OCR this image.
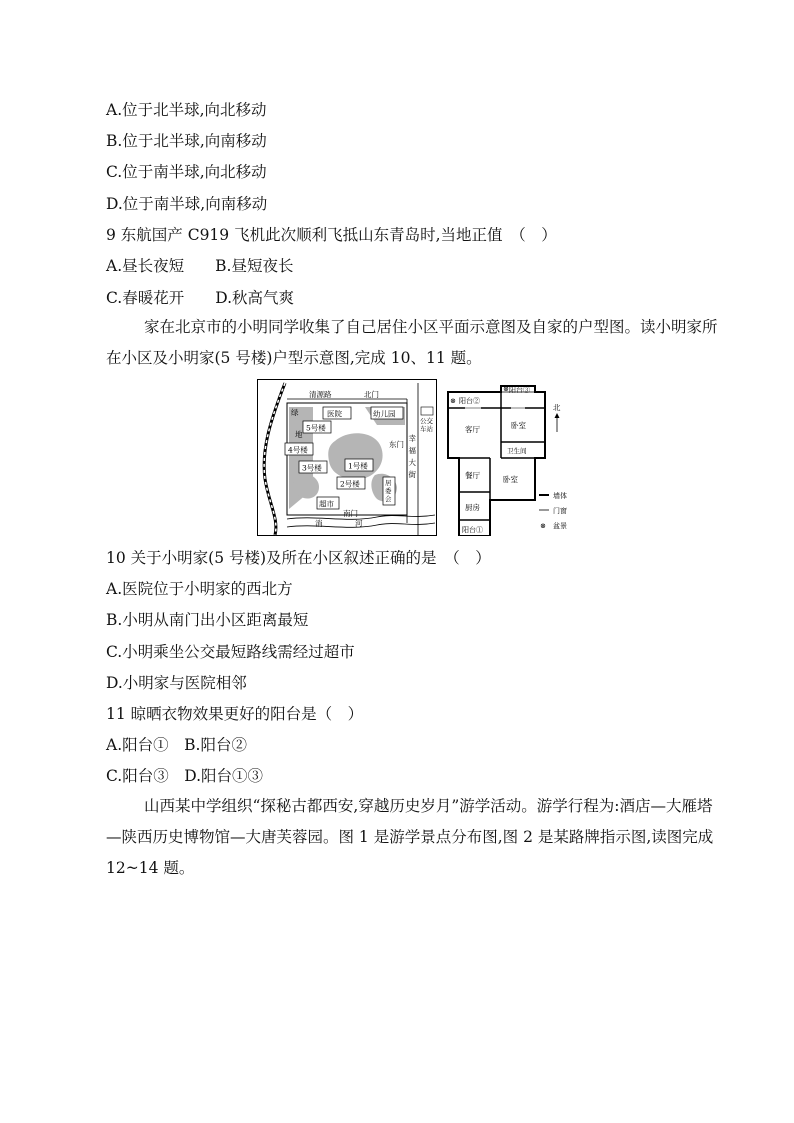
A.位于北半球,向北移动
B.位于北半球,向南移动
C.位于南半球,向北移动
D.位于南半球,向南移动
9 东航国产 C919 飞机此次顺利飞抵山东青岛时,当地正值　（　）
A.昼长夜短　　B.昼短夜长
C.春暖花开　　D.秋高气爽
家在北京市的小明同学收集了自己居住小区平面示意图及自家的户型图。读小明家所在小区及小明家(5 号楼)户型示意图,完成 10、11 题。
清源路	北门
医院	幼儿园
公交
车站
绿
地
5号楼
4号楼
3号楼	1号楼
2号楼
东门
幸
福
大
街
居
委
会
超市
南门
消	河
⊗
⊗
阳台②
阳台③
客厅	卧室
卫生间
餐厅
厨房
卧室
阳台①
北
墙体
门窗
⊗ 盆景
10 关于小明家(5 号楼)及所在小区叙述正确的是　（　）
A.医院位于小明家的西北方
B.小明从南门出小区距离最短
C.小明乘坐公交最短路线需经过超市
D.小明家与医院相邻
11 晾晒衣物效果更好的阳台是（　）
A.阳台①　B.阳台②
C.阳台③　D.阳台①③
山西某中学组织“探秘古都西安,穿越历史岁月”游学活动。游学行程为:酒店—大雁塔—陕西历史博物馆—大唐芙蓉园。图 1 是游学景点分布图,图 2 是某路牌指示图,读图完成 12~14 题。
